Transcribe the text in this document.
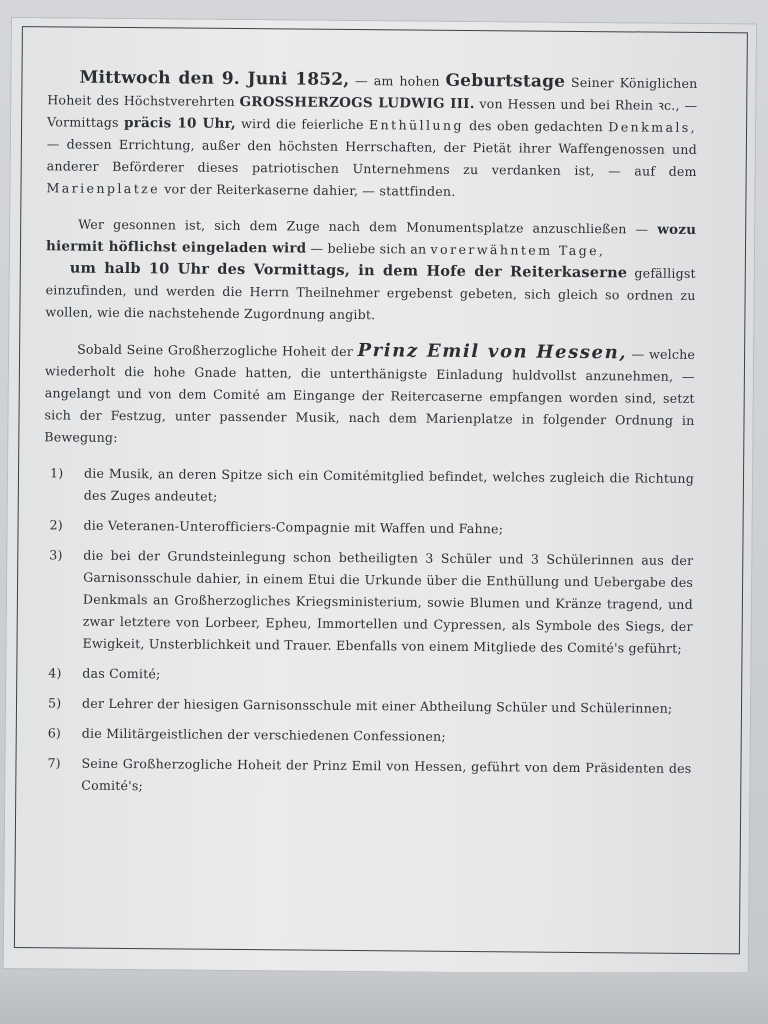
Mittwoch den 9. Juni 1852, — am hohen Geburtstage Seiner Königlichen Hoheit des Höchstverehrten GROSSHERZOGS LUDWIG III. von Hessen und bei Rhein ꝛc., — Vormittags präcis 10 Uhr, wird die feierliche Enthüllung des oben gedachten Denkmals, — dessen Errichtung, außer den höchsten Herrschaften, der Pietät ihrer Waffengenossen und anderer Beförderer dieses patriotischen Unternehmens zu verdanken ist, — auf dem Marienplatze vor der Reiterkaserne dahier, — stattfinden.

Wer gesonnen ist, sich dem Zuge nach dem Monumentsplatze anzuschließen — wozu hiermit höflichst eingeladen wird — beliebe sich an vorerwähntem Tage,
um halb 10 Uhr des Vormittags, in dem Hofe der Reiterkaserne gefälligst einzufinden, und werden die Herrn Theilnehmer ergebenst gebeten, sich gleich so ordnen zu wollen, wie die nachstehende Zugordnung angibt.

Sobald Seine Großherzogliche Hoheit der Prinz Emil von Hessen, — welche wiederholt die hohe Gnade hatten, die unterthänigste Einladung huldvollst anzunehmen, — angelangt und von dem Comité am Eingange der Reitercaserne empfangen worden sind, setzt sich der Festzug, unter passender Musik, nach dem Marienplatze in folgender Ordnung in Bewegung:

1) die Musik, an deren Spitze sich ein Comitémitglied befindet, welches zugleich die Richtung des Zuges andeutet;
2) die Veteranen-Unterofficiers-Compagnie mit Waffen und Fahne;
3) die bei der Grundsteinlegung schon betheiligten 3 Schüler und 3 Schülerinnen aus der Garnisonsschule dahier, in einem Etui die Urkunde über die Enthüllung und Uebergabe des Denkmals an Großherzogliches Kriegsministerium, sowie Blumen und Kränze tragend, und zwar letztere von Lorbeer, Epheu, Immortellen und Cypressen, als Symbole des Siegs, der Ewigkeit, Unsterblichkeit und Trauer. Ebenfalls von einem Mitgliede des Comité's geführt;
4) das Comité;
5) der Lehrer der hiesigen Garnisonsschule mit einer Abtheilung Schüler und Schülerinnen;
6) die Militärgeistlichen der verschiedenen Confessionen;
7) Seine Großherzogliche Hoheit der Prinz Emil von Hessen, geführt von dem Präsidenten des Comité's;
